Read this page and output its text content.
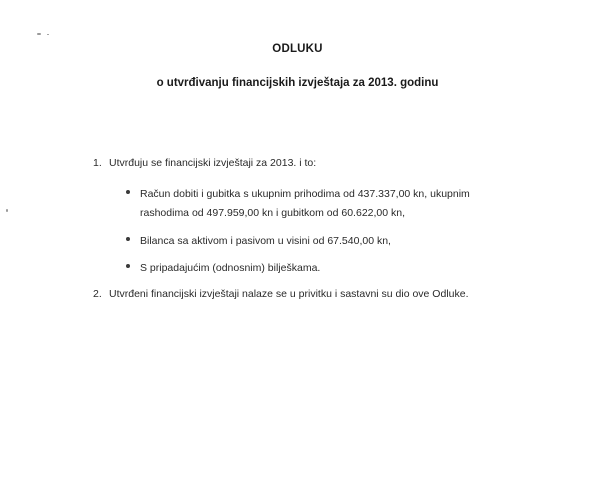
ODLUKU
o utvrđivanju financijskih izvještaja za 2013. godinu
1. Utvrđuju se financijski izvještaji za 2013. i to:
Račun dobiti i gubitka s ukupnim prihodima od 437.337,00 kn, ukupnim
rashodima od 497.959,00 kn i gubitkom od 60.622,00 kn,
Bilanca sa aktivom i pasivom u visini od 67.540,00 kn,
S pripadajućim (odnosnim) bilješkama.
2. Utvrđeni financijski izvještaji nalaze se u privitku i sastavni su dio ove Odluke.
